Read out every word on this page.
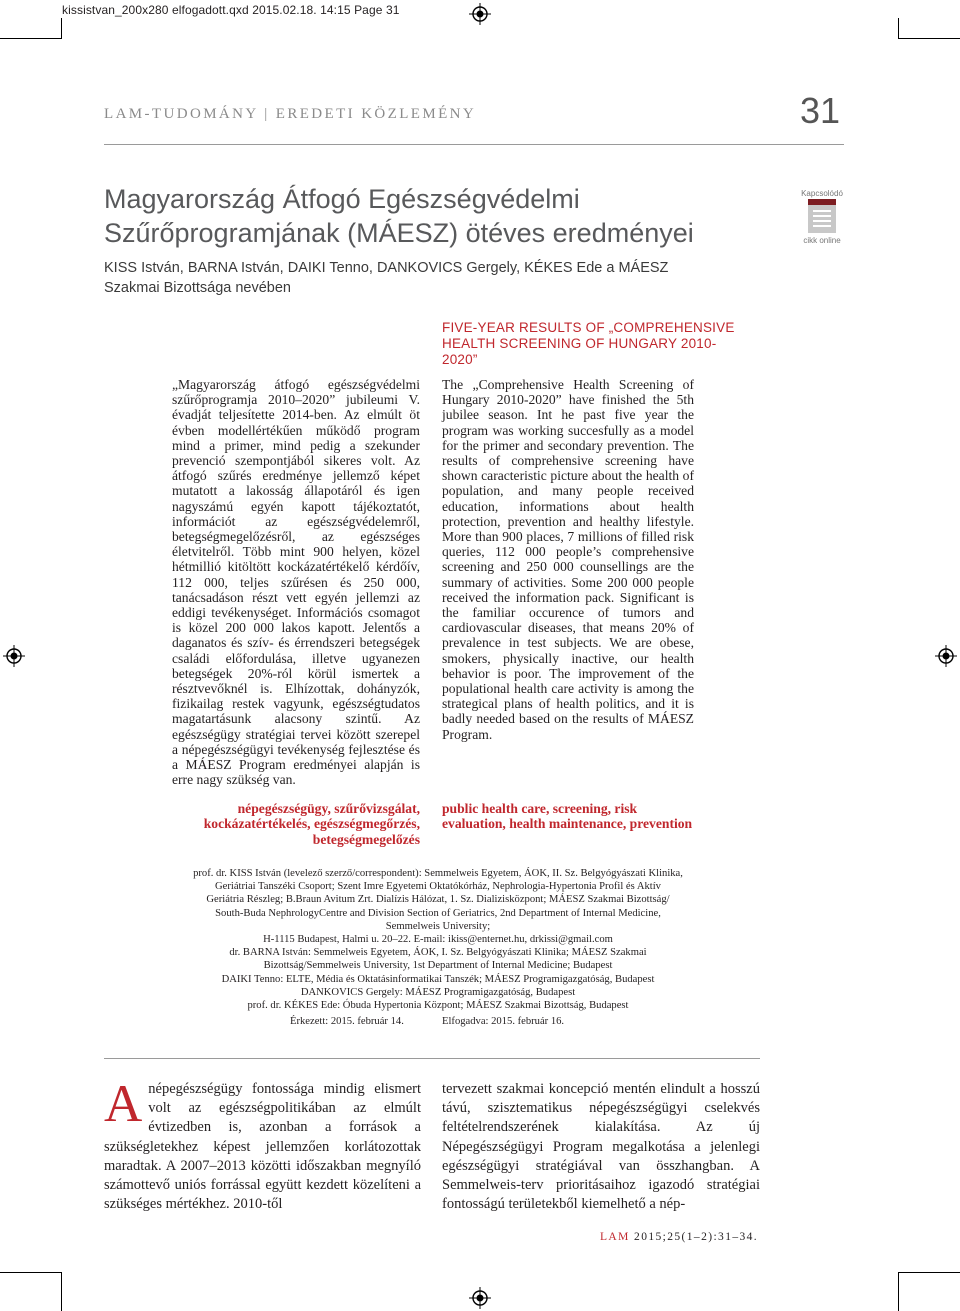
kissistvan_200x280 elfogadott.qxd 2015.02.18. 14:15 Page 31
LAM-TUDOMÁNY | EREDETI KÖZLEMÉNY	31
Magyarország Átfogó Egészségvédelmi Szűrőprogramjának (MÁESZ) ötéves eredményei
KISS István, BARNA István, DAIKI Tenno, DANKOVICS Gergely, KÉKES Ede a MÁESZ Szakmai Bizottsága nevében
Kapcsolódó
cikk online
FIVE-YEAR RESULTS OF „COMPREHENSIVE HEALTH SCREENING OF HUNGARY 2010-2020”
„Magyarország átfogó egészségvédelmi szűrőprogramja 2010‒2020” jubileumi V. évadját teljesítette 2014-ben. Az elmúlt öt évben modellértékűen működő program mind a primer, mind pedig a szekunder prevenció szempontjából sikeres volt. Az átfogó szűrés eredménye jellemző képet mutatott a lakosság állapotáról és igen nagyszámú egyén kapott tájékoztatót, információt az egészségvédelemről, betegségmegelőzésről, az egészséges életvitelről. Több mint 900 helyen, közel hétmillió kitöltött kockázatértékelő kérdőív, 112 000, teljes szűrésen és 250 000, tanácsadáson részt vett egyén jellemzi az eddigi tevékenységet. Információs csomagot is közel 200 000 lakos kapott. Jelentős a daganatos és szív- és érrendszeri betegségek családi előfordulása, illetve ugyanezen betegségek 20%-ról körül ismertek a résztvevőknél is. Elhízottak, dohányzók, fizikailag restek vagyunk, egészségtudatos magatartásunk alacsony szintű. Az egészségügy stratégiai tervei között szerepel a népegészségügyi tevékenység fejlesztése és a MÁESZ Program eredményei alapján is erre nagy szükség van.
The „Comprehensive Health Screening of Hungary 2010-2020” have finished the 5th jubilee season. Int he past five year the program was working succesfully as a model for the primer and secondary prevention. The results of comprehensive screening have shown caracteristic picture about the health of population, and many people received education, informations about health protection, prevention and healthy lifestyle. More than 900 places, 7 millions of filled risk queries, 112 000 people’s comprehensive screening and 250 000 counsellings are the summary of activities. Some 200 000 people received the information pack. Significant is the familiar occurence of tumors and cardiovascular diseases, that means 20% of prevalence in test subjects. We are obese, smokers, physically inactive, our health behavior is poor. The improvement of the populational health care activity is among the strategical plans of health politics, and it is badly needed based on the results of MÁESZ Program.
népegészségügy, szűrővizsgálat, kockázatértékelés, egészségmegőrzés, betegségmegelőzés
public health care, screening, risk evaluation, health maintenance, prevention
prof. dr. KISS István (levelező szerző/correspondent): Semmelweis Egyetem, ÁOK, II. Sz. Belgyógyászati Klinika,
Geriátriai Tanszéki Csoport; Szent Imre Egyetemi Oktatókórház, Nephrologia-Hypertonia Profil és Aktív
Geriátria Részleg; B.Braun Avitum Zrt. Dialízis Hálózat, 1. Sz. Dializisközpont; MÁESZ Szakmai Bizottság/
South-Buda NephrologyCentre and Division Section of Geriatrics, 2nd Department of Internal Medicine,
Semmelweis University;
H-1115 Budapest, Halmi u. 20‒22. E-mail: ikiss@enternet.hu, drkissi@gmail.com
dr. BARNA István: Semmelweis Egyetem, ÁOK, I. Sz. Belgyógyászati Klinika; MÁESZ Szakmai
Bizottság/Semmelweis University, 1st Department of Internal Medicine; Budapest
DAIKI Tenno: ELTE, Média és Oktatásinformatikai Tanszék; MÁESZ Programigazgatóság, Budapest
DANKOVICS Gergely: MÁESZ Programigazgatóság, Budapest
prof. dr. KÉKES Ede: Óbuda Hypertonia Központ; MÁESZ Szakmai Bizottság, Budapest
Érkezett: 2015. február 14.	Elfogadva: 2015. február 16.
Anépegészségügy fontossága mindig elismert volt az egészségpolitikában az elmúlt évtizedben is, azonban a források a szükségletekhez képest jellemzően korlátozottak maradtak. A 2007‒2013 közötti időszakban megnyíló számottevő uniós forrással együtt kezdett közelíteni a szükséges mértékhez. 2010-től
tervezett szakmai koncepció mentén elindult a hosszú távú, szisztematikus népegészségügyi cselekvés feltételrendszerének kialakítása. Az új Népegészségügyi Program megalkotása a jelenlegi egészségügyi stratégiával van összhangban. A Semmelweis-terv prioritásaihoz igazodó stratégiai fontosságú területekből kiemelhető a nép-
LAM 2015;25(1‒2):31‒34.
